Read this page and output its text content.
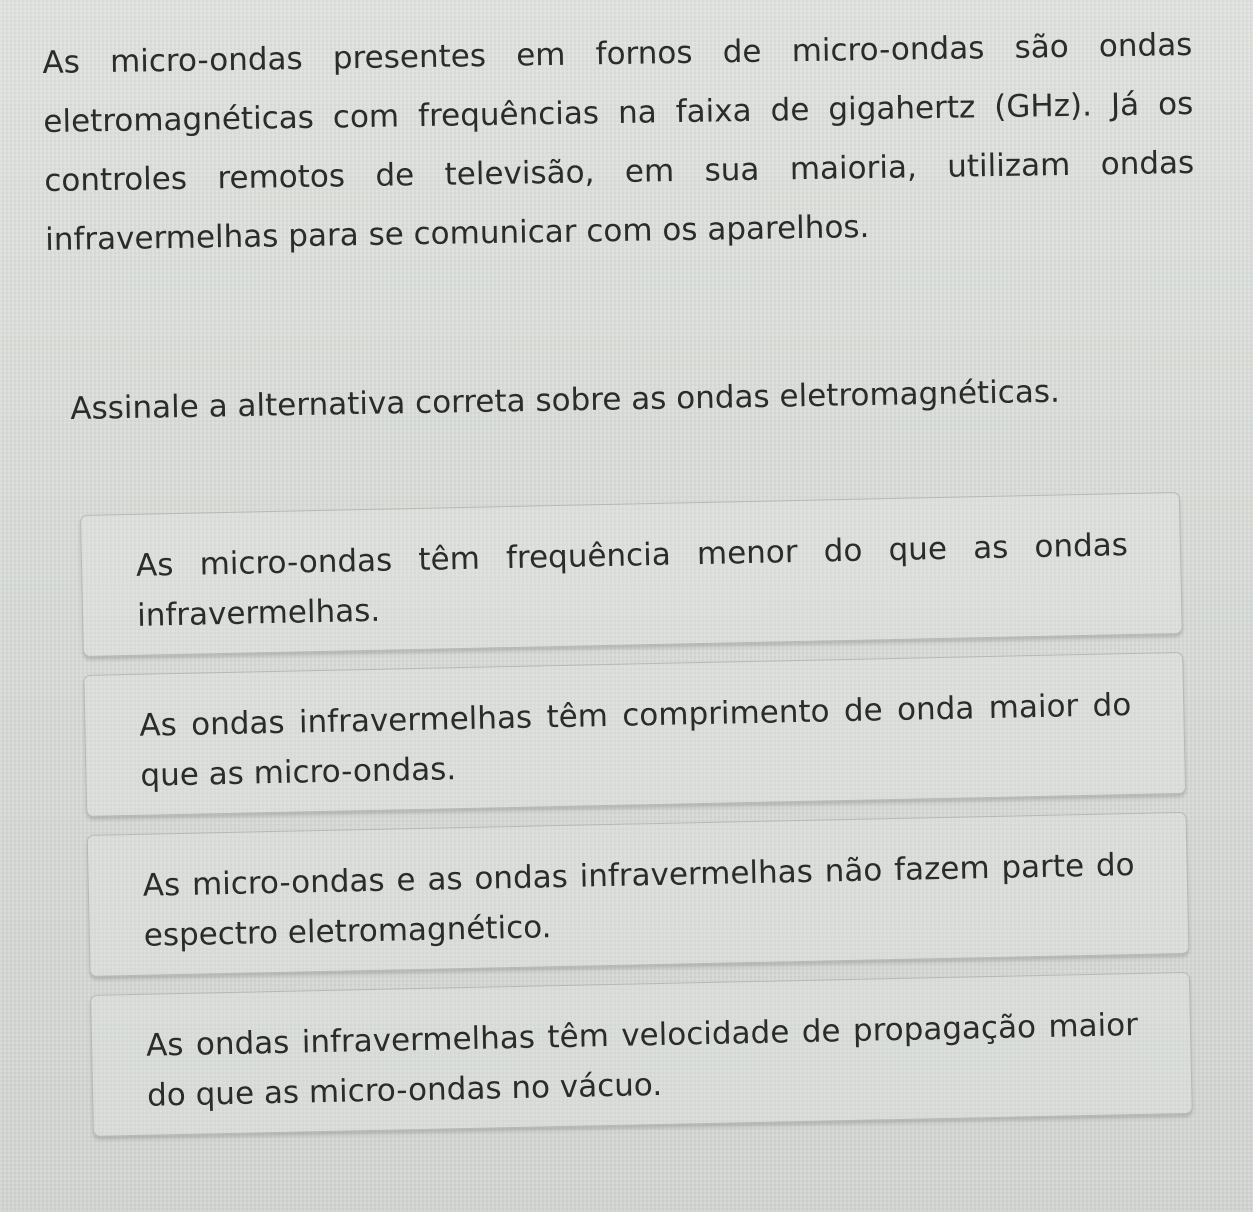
As micro-ondas presentes em fornos de micro-ondas são ondas eletromagnéticas com frequências na faixa de gigahertz (GHz). Já os controles remotos de televisão, em sua maioria, utilizam ondas infravermelhas para se comunicar com os aparelhos.

Assinale a alternativa correta sobre as ondas eletromagnéticas.

As micro-ondas têm frequência menor do que as ondas infravermelhas.
As ondas infravermelhas têm comprimento de onda maior do que as micro-ondas.
As micro-ondas e as ondas infravermelhas não fazem parte do espectro eletromagnético.
As ondas infravermelhas têm velocidade de propagação maior do que as micro-ondas no vácuo.
